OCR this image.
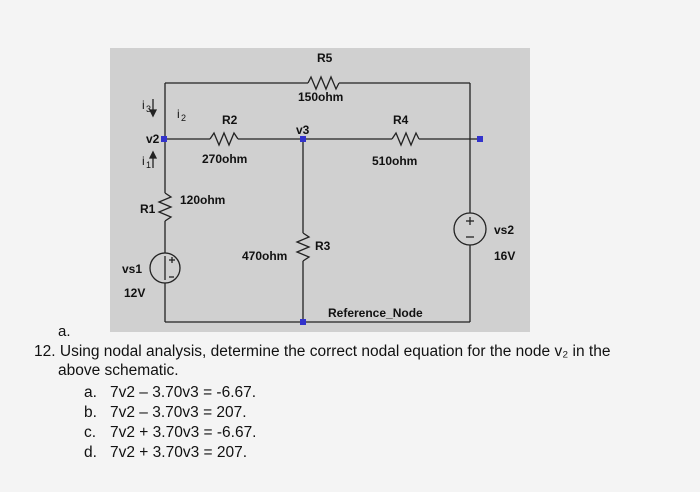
R5
150ohm
R2
270ohm
R4
510ohm
v3
v2
R1
120ohm
R3
470ohm
vs1
12V
vs2
16V
Reference_Node
i 3 i 2
i 1
a.
12. Using nodal analysis, determine the correct nodal equation for the node v₂ in the
above schematic.
a. 7v2 – 3.70v3 = -6.67.
b. 7v2 – 3.70v3 = 207.
c. 7v2 + 3.70v3 = -6.67.
d. 7v2 + 3.70v3 = 207.
